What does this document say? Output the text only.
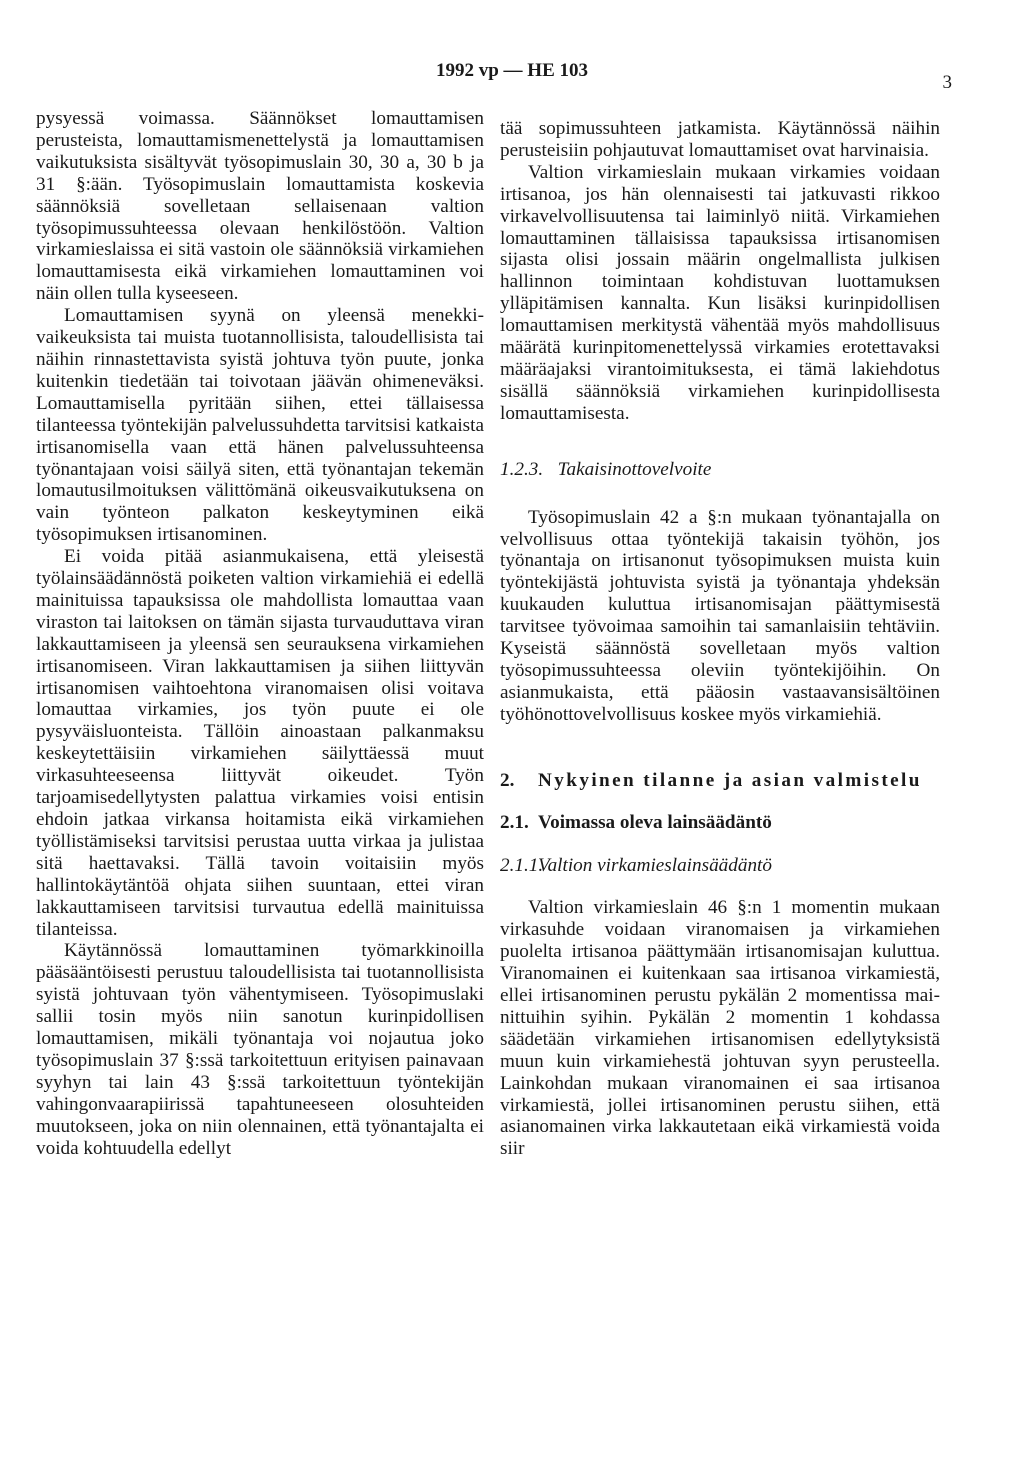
1992 vp — HE 103
3

pysyessä voimassa. Säännökset lomauttamisen perusteista, lomauttamismenettelystä ja lomauttamisen vaikutuksista sisältyvät työsopimuslain 30, 30 a, 30 b ja 31 §:ään. Työsopimuslain lomauttamista koskevia säännöksiä sovelletaan sellaisenaan valtion työsopimussuhteessa olevaan henkilöstöön. Valtion virkamieslaissa ei sitä vastoin ole säännöksiä virkamiehen lomauttamisesta eikä virkamiehen lomauttaminen voi näin ollen tulla kyseeseen.

Lomauttamisen syynä on yleensä menekkivaikeuksista tai muista tuotannollisista, taloudellisista tai näihin rinnastettavista syistä johtuva työn puute, jonka kuitenkin tiedetään tai toivotaan jäävän ohimeneväksi. Lomauttamisella pyritään siihen, ettei tällaisessa tilanteessa työntekijän palvelussuhdetta tarvitsisi katkaista irtisanomisella vaan että hänen palvelussuhteensa työnantajaan voisi säilyä siten, että työnantajan tekemän lomautusilmoituksen välittömänä oikeusvaikutuksena on vain työnteon palkaton keskeytyminen eikä työsopimuksen irtisanominen.

Ei voida pitää asianmukaisena, että yleisestä työlainsäädännöstä poiketen valtion virkamiehiä ei edellä mainituissa tapauksissa ole mahdollista lomauttaa vaan viraston tai laitoksen on tämän sijasta turvauduttava viran lakkauttamiseen ja yleensä sen seurauksena virkamiehen irtisanomiseen. Viran lakkauttamisen ja siihen liittyvän irtisanomisen vaihtoehtona viranomaisen olisi voitava lomauttaa virkamies, jos työn puute ei ole pysyväisluonteista. Tällöin ainoastaan palkanmaksu keskeytettäisiin virkamiehen säilyttäessä muut virkasuhteeseensa liittyvät oikeudet. Työn tarjoamisedellytysten palattua virkamies voisi entisin ehdoin jatkaa virkansa hoitamista eikä virkamiehen työllistämiseksi tarvitsisi perustaa uutta virkaa ja julistaa sitä haettavaksi. Tällä tavoin voitaisiin myös hallintokäytäntöä ohjata siihen suuntaan, ettei viran lakkauttamiseen tarvitsisi turvautua edellä mainituissa tilanteissa.

Käytännössä lomauttaminen työmarkkinoilla pääsääntöisesti perustuu taloudellisista tai tuotannollisista syistä johtuvaan työn vähentymiseen. Työsopimuslaki sallii tosin myös niin sanotun kurinpidollisen lomauttamisen, mikäli työnantaja voi nojautua joko työsopimuslain 37 §:ssä tarkoitettuun erityisen painavaan syyhyn tai lain 43 §:ssä tarkoitettuun työntekijän vahingonvaarapiirissä tapahtuneeseen olosuhteiden muutokseen, joka on niin olennainen, että työnantajalta ei voida kohtuudella edellyt

tää sopimussuhteen jatkamista. Käytännössä näihin perusteisiin pohjautuvat lomauttamiset ovat harvinaisia.

Valtion virkamieslain mukaan virkamies voidaan irtisanoa, jos hän olennaisesti tai jatkuvasti rikkoo virkavelvollisuutensa tai laiminlyö niitä. Virkamiehen lomauttaminen tällaisissa tapauksissa irtisanomisen sijasta olisi jossain määrin ongelmallista julkisen hallinnon toimintaan kohdistuvan luottamuksen ylläpitämisen kannalta. Kun lisäksi kurinpidollisen lomauttamisen merkitystä vähentää myös mahdollisuus määrätä kurinpitomenettelyssä virkamies erotettavaksi määräajaksi virantoimituksesta, ei tämä lakiehdotus sisällä säännöksiä virkamiehen kurinpidollisesta lomauttamisesta.

1.2.3. Takaisinottovelvoite

Työsopimuslain 42 a §:n mukaan työnantajalla on velvollisuus ottaa työntekijä takaisin työhön, jos työnantaja on irtisanonut työsopimuksen muista kuin työntekijästä johtuvista syistä ja työnantaja yhdeksän kuukauden kuluttua irtisanomisajan päättymisestä tarvitsee työvoimaa samoihin tai samanlaisiin tehtäviin. Kyseistä säännöstä sovelletaan myös valtion työsopimussuhteessa oleviin työntekijöihin. On asianmukaista, että pääosin vastaavansisältöinen työhönottovelvollisuus koskee myös virkamiehiä.

2.	Nykyinen tilanne ja asian valmistelu
2.1. Voimassa oleva lainsäädäntö
2.1.1.Valtion virkamieslainsäädäntö

Valtion virkamieslain 46 §:n 1 momentin mukaan virkasuhde voidaan viranomaisen ja virkamiehen puolelta irtisanoa päättymään irtisanomisajan kuluttua. Viranomainen ei kuitenkaan saa irtisanoa virkamiestä, ellei irtisanominen perustu pykälän 2 momentissa mainittuihin syihin. Pykälän 2 momentin 1 kohdassa säädetään virkamiehen irtisanomisen edellytyksistä muun kuin virkamiehestä johtuvan syyn perusteella. Lainkohdan mukaan viranomainen ei saa irtisanoa virkamiestä, jollei irtisanominen perustu siihen, että asianomainen virka lakkautetaan eikä virkamiestä voida siir
